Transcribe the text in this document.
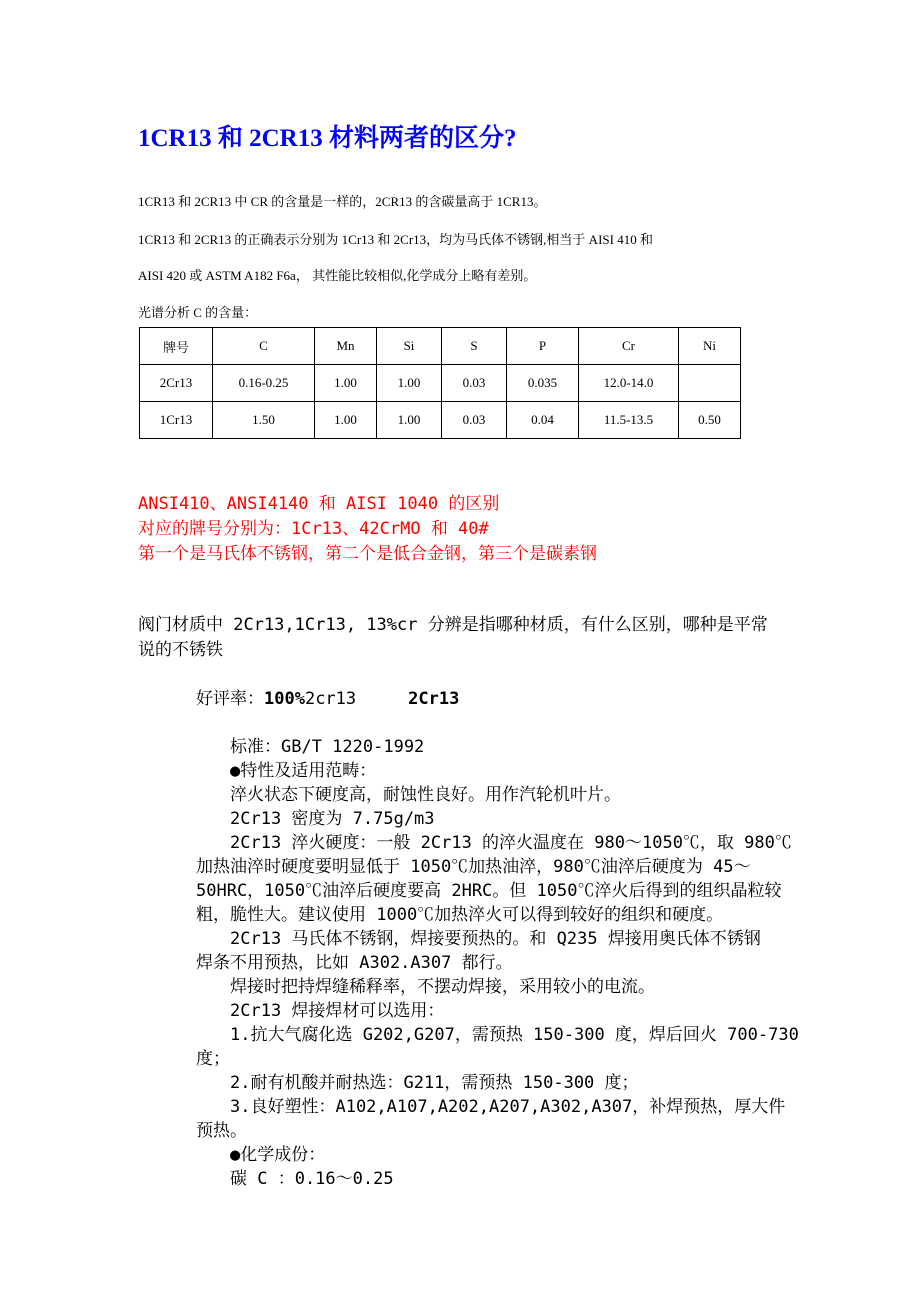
1CR13 和 2CR13 材料两者的区分?
1CR13 和 2CR13 中 CR 的含量是一样的，2CR13 的含碳量高于 1CR13。
1CR13 和 2CR13 的正确表示分别为 1Cr13 和 2Cr13，均为马氏体不锈钢,相当于 AISI 410 和
AISI 420 或 ASTM A182 F6a， 其性能比较相似,化学成分上略有差别。
光谱分析 C 的含量：
牌号	C	Mn	Si	S	P	Cr	Ni
2Cr13	0.16-0.25	1.00	1.00	0.03	0.035	12.0-14.0	
1Cr13	1.50	1.00	1.00	0.03	0.04	11.5-13.5	0.50
ANSI410、ANSI4140 和 AISI 1040 的区别
对应的牌号分别为：1Cr13、42CrMO 和 40#
第一个是马氏体不锈钢，第二个是低合金钢，第三个是碳素钢
阀门材质中 2Cr13,1Cr13, 13%cr 分辨是指哪种材质，有什么区别，哪种是平常
说的不锈铁
好评率：100%2cr13	2Cr13
标准：GB/T 1220-1992
●特性及适用范畴：
淬火状态下硬度高，耐蚀性良好。用作汽轮机叶片。
2Cr13 密度为 7.75g/m3
2Cr13 淬火硬度：一般 2Cr13 的淬火温度在 980～1050℃，取 980℃
加热油淬时硬度要明显低于 1050℃加热油淬，980℃油淬后硬度为 45～
50HRC，1050℃油淬后硬度要高 2HRC。但 1050℃淬火后得到的组织晶粒较
粗，脆性大。建议使用 1000℃加热淬火可以得到较好的组织和硬度。
2Cr13 马氏体不锈钢，焊接要预热的。和 Q235 焊接用奥氏体不锈钢
焊条不用预热，比如 A302.A307 都行。
焊接时把持焊缝稀释率，不摆动焊接，采用较小的电流。
2Cr13 焊接焊材可以选用：
1.抗大气腐化选 G202,G207，需预热 150-300 度，焊后回火 700-730
度；
2.耐有机酸并耐热选：G211，需预热 150-300 度；
3.良好塑性：A102,A107,A202,A207,A302,A307，补焊预热，厚大件
预热。
●化学成份：
碳 C ：0.16～0.25
